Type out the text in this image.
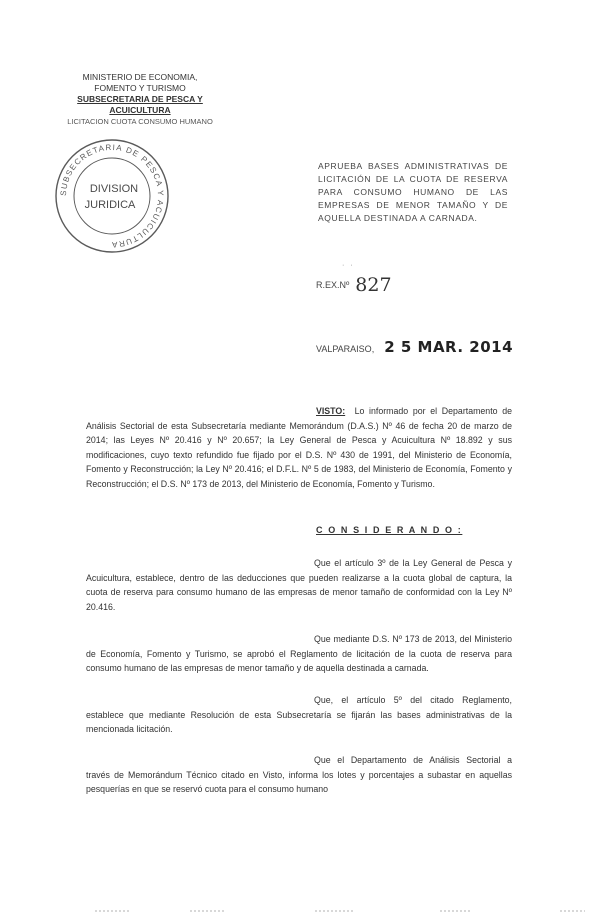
MINISTERIO DE ECONOMIA,
FOMENTO Y TURISMO
SUBSECRETARIA DE PESCA Y
ACUICULTURA
LICITACION CUOTA CONSUMO HUMANO
SUBSECRETARIA DE PESCA Y ACUICULTURA
DIVISION
JURIDICA
APRUEBA BASES ADMINISTRATIVAS DE LICITACIÓN DE LA CUOTA DE RESERVA PARA CONSUMO HUMANO DE LAS EMPRESAS DE MENOR TAMAÑO Y DE AQUELLA DESTINADA A CARNADA.
· ·
R.EX.Nº 827
VALPARAISO, 2 5 MAR. 2014
VISTO: Lo informado por el Departamento de Análisis Sectorial de esta Subsecretaría mediante Memorándum (D.A.S.) Nº 46 de fecha 20 de marzo de 2014; las Leyes Nº 20.416 y Nº 20.657; la Ley General de Pesca y Acuicultura Nº 18.892 y sus modificaciones, cuyo texto refundido fue fijado por el D.S. Nº 430 de 1991, del Ministerio de Economía, Fomento y Reconstrucción; la Ley Nº 20.416; el D.F.L. Nº 5 de 1983, del Ministerio de Economía, Fomento y Reconstrucción; el D.S. Nº 173 de 2013, del Ministerio de Economía, Fomento y Turismo.
C O N S I D E R A N D O :
Que el artículo 3º de la Ley General de Pesca y Acuicultura, establece, dentro de las deducciones que pueden realizarse a la cuota global de captura, la cuota de reserva para consumo humano de las empresas de menor tamaño de conformidad con la Ley Nº 20.416.
Que mediante D.S. Nº 173 de 2013, del Ministerio de Economía, Fomento y Turismo, se aprobó el Reglamento de licitación de la cuota de reserva para consumo humano de las empresas de menor tamaño y de aquella destinada a carnada.
Que, el artículo 5º del citado Reglamento, establece que mediante Resolución de esta Subsecretaría se fijarán las bases administrativas de la mencionada licitación.
Que el Departamento de Análisis Sectorial a través de Memorándum Técnico citado en Visto, informa los lotes y porcentajes a subastar en aquellas pesquerías en que se reservó cuota para el consumo humano
